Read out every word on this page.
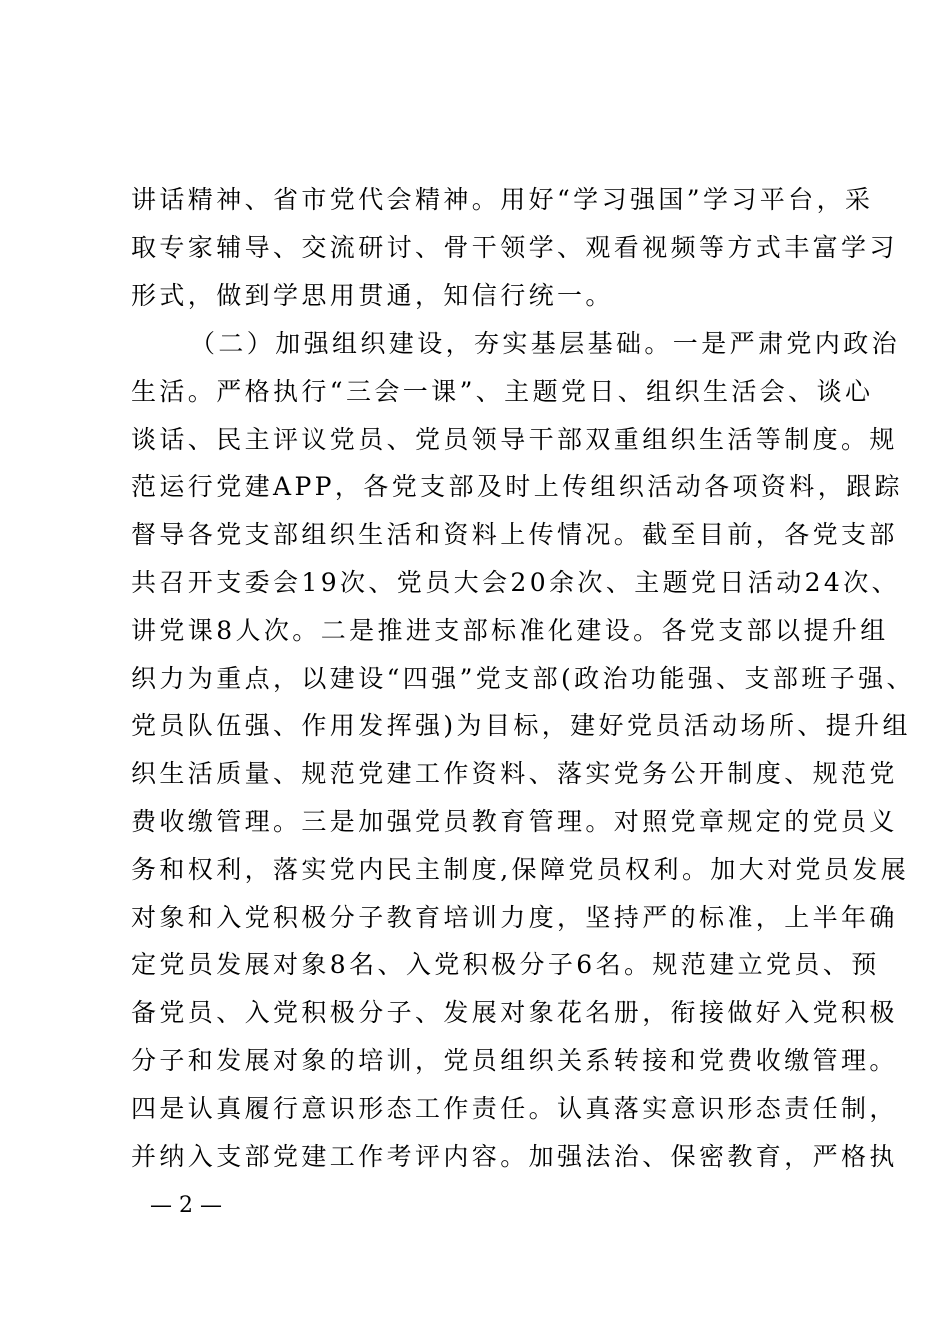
讲话精神、省市党代会精神。用好“学习强国”学习平台，采
取专家辅导、交流研讨、骨干领学、观看视频等方式丰富学习
形式，做到学思用贯通，知信行统一。
（二）加强组织建设，夯实基层基础。一是严肃党内政治
生活。严格执行“三会一课”、主题党日、组织生活会、谈心
谈话、民主评议党员、党员领导干部双重组织生活等制度。规
范运行党建APP，各党支部及时上传组织活动各项资料，跟踪
督导各党支部组织生活和资料上传情况。截至目前，各党支部
共召开支委会19次、党员大会20余次、主题党日活动24次、
讲党课8人次。二是推进支部标准化建设。各党支部以提升组
织力为重点，以建设“四强”党支部(政治功能强、支部班子强、
党员队伍强、作用发挥强)为目标，建好党员活动场所、提升组
织生活质量、规范党建工作资料、落实党务公开制度、规范党
费收缴管理。三是加强党员教育管理。对照党章规定的党员义
务和权利，落实党内民主制度,保障党员权利。加大对党员发展
对象和入党积极分子教育培训力度，坚持严的标准，上半年确
定党员发展对象8名、入党积极分子6名。规范建立党员、预
备党员、入党积极分子、发展对象花名册，衔接做好入党积极
分子和发展对象的培训，党员组织关系转接和党费收缴管理。
四是认真履行意识形态工作责任。认真落实意识形态责任制，
并纳入支部党建工作考评内容。加强法治、保密教育，严格执
— 2 —
